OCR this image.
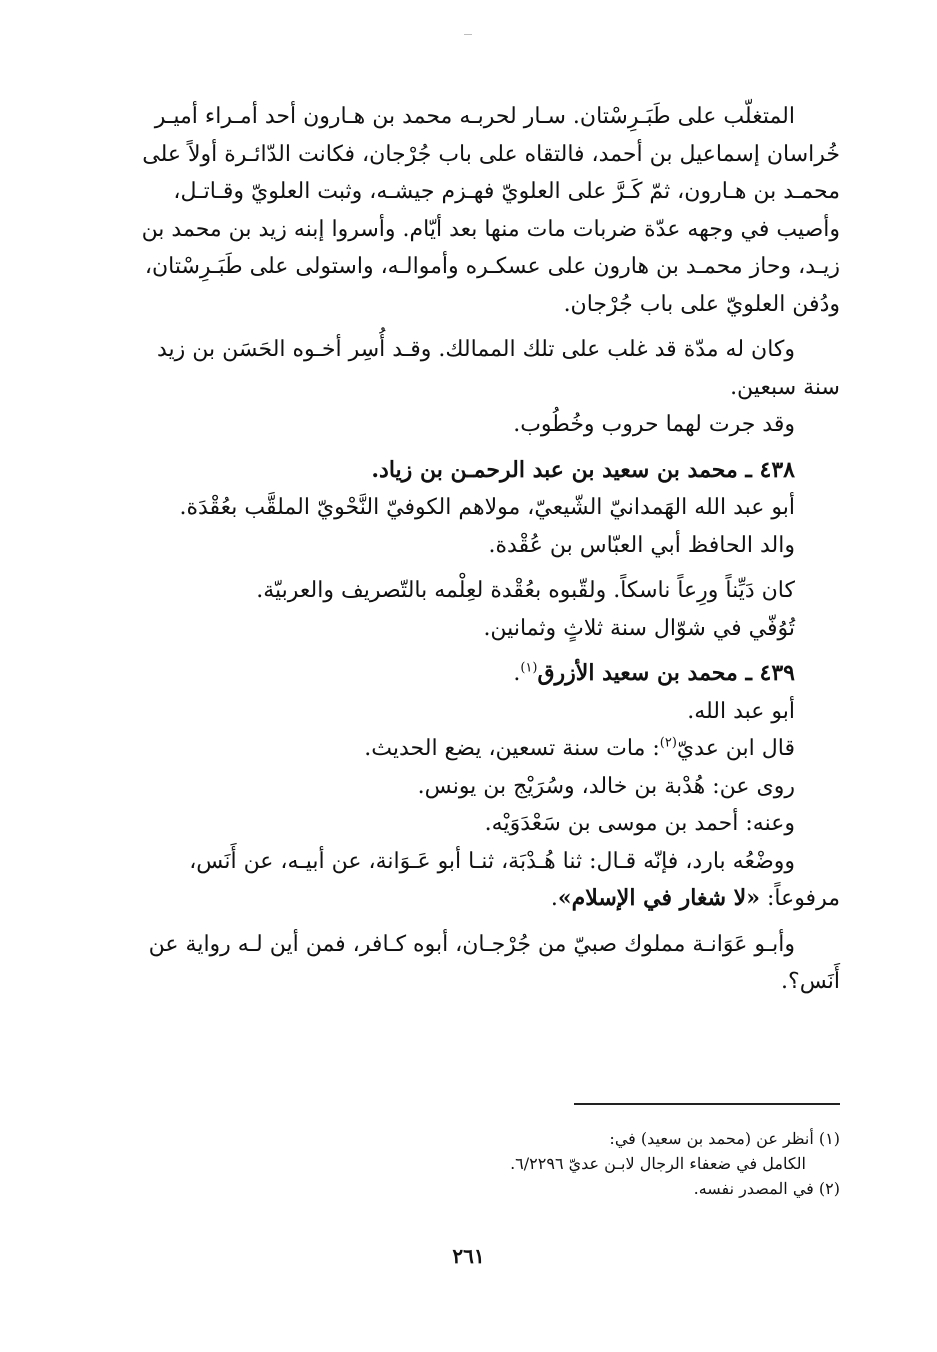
المتغلّب على طَبَـرِسْتان. سـار لحربـه محمد بن هـارون أحد أمـراء أميـر

خُراسان إسماعيل بن أحمد، فالتقاه على باب جُرْجان، فكانت الدّائـرة أولاً على

محمـد بن هـارون، ثمّ كَـرَّ على العلويّ فهـزم جيشـه، وثبت العلويّ وقـاتـل،

وأصيب في وجهه عدّة ضربات مات منها بعد أيّام. وأسروا إبنه زيد بن محمد بن

زيـد، وحاز محمـد بن هارون على عسكـره وأموالـه، واستولى على طَبَـرِسْتان،

ودُفن العلويّ على باب جُرْجان.

وكان له مدّة قد غلب على تلك الممالك. وقـد أُسِر أخـوه الحَسَن بن زيد

سنة سبعين.

وقد جرت لهما حروب وخُطُوب.

٤٣٨ ـ محمد بن سعيد بن عبد الرحمـن بن زياد.

أبو عبد الله الهَمدانيّ الشّيعيّ، مولاهم الكوفيّ النَّحْويّ الملقَّب بعُقْدَة.

والد الحافظ أبي العبّاس بن عُقْدة.

كان دَيِّناً ورِعاً ناسكاً. ولقّبوه بعُقْدة لعِلْمه بالتّصريف والعربيّة.

تُوُفّي في شوّال سنة ثلاثٍ وثمانين.

٤٣٩ ـ محمد بن سعيد الأزرق$^{(١)}$.

أبو عبد الله.

قال ابن عديّ$^{(٢)}$: مات سنة تسعين، يضع الحديث.

روى عن: هُدْبة بن خالد، وسُرَيْج بن يونس.

وعنه: أحمد بن موسى بن سَعْدَوَيْه.

ووضْعُه بارد، فإنّه قـال: ثنا هُـدْبَة، ثنـا أبو عَـوَانة، عن أبيـه، عن أَنَس،

مرفوعاً: «لا شغار في الإسلام».

وأبـو عَوَانـة مملوك صبيّ من جُرْجـان، أبوه كـافر، فمن أين لـه رواية عن

أَنَس؟.

(١) أنظر عن (محمد بن سعيد) في:

الكامل في ضعفاء الرجال لابـن عديّ ٦/٢٢٩٦.

(٢) في المصدر نفسه.

٢٦١
